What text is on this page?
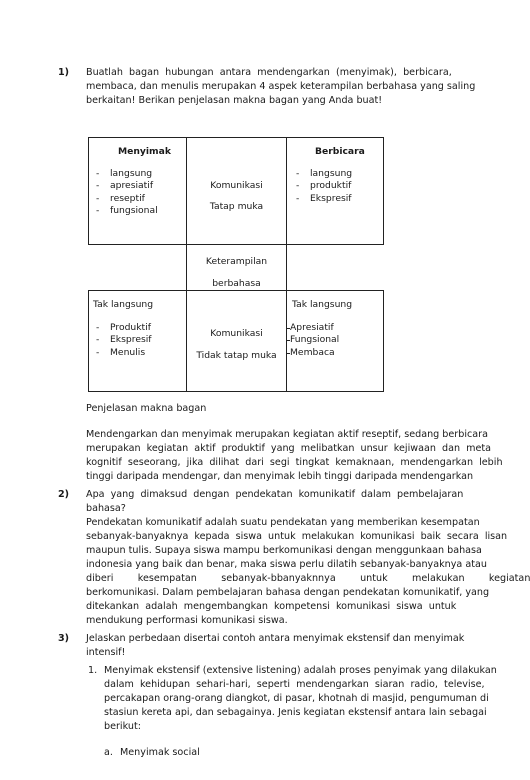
1) Buatlah  bagan  hubungan  antara  mendengarkan  (menyimak),  berbicara,
membaca, dan menulis merupakan 4 aspek keterampilan berbahasa yang saling
berkaitan! Berikan penjelasan makna bagan yang Anda buat!
Menyimak
- langsung
- apresiatif
- reseptif
- fungsional
Komunikasi
Tatap muka
Berbicara
- langsung
- produktif
- Ekspresif
Keterampilan
berbahasa
Tak langsung
- Produktif
- Ekspresif
- Menulis
Komunikasi
Tidak tatap muka
Tak langsung
Apresiatif
Fungsional
Membaca
Penjelasan makna bagan
Mendengarkan dan menyimak merupakan kegiatan aktif reseptif, sedang berbicara
merupakan  kegiatan  aktif  produktif  yang  melibatkan  unsur  kejiwaan  dan  meta
kognitif  seseorang,  jika  dilihat  dari  segi  tingkat  kemaknaan,  mendengarkan  lebih
tinggi daripada mendengar, dan menyimak lebih tinggi daripada mendengarkan
2) Apa  yang  dimaksud  dengan  pendekatan  komunikatif  dalam  pembelajaran
bahasa?
Pendekatan komunikatif adalah suatu pendekatan yang memberikan kesempatan
sebanyak-banyaknya  kepada  siswa  untuk  melakukan  komunikasi  baik  secara  lisan
maupun tulis. Supaya siswa mampu berkomunikasi dengan menggunkaan bahasa
indonesia yang baik dan benar, maka siswa perlu dilatih sebanyak-banyaknya atau
diberi        kesempatan        sebanyak-bbanyaknnya        untuk        melakukan        kegiatan
berkomunikasi. Dalam pembelajaran bahasa dengan pendekatan komunikatif, yang
ditekankan  adalah  mengembangkan  kompetensi  komunikasi  siswa  untuk
mendukung performasi komunikasi siswa.
3) Jelaskan perbedaan disertai contoh antara menyimak ekstensif dan menyimak
intensif!
1. Menyimak ekstensif (extensive listening) adalah proses penyimak yang dilakukan
dalam  kehidupan  sehari-hari,  seperti  mendengarkan  siaran  radio,  televise,
percakapan orang-orang diangkot, di pasar, khotnah di masjid, pengumuman di
stasiun kereta api, dan sebagainya. Jenis kegiatan ekstensif antara lain sebagai
berikut:
a. Menyimak social
